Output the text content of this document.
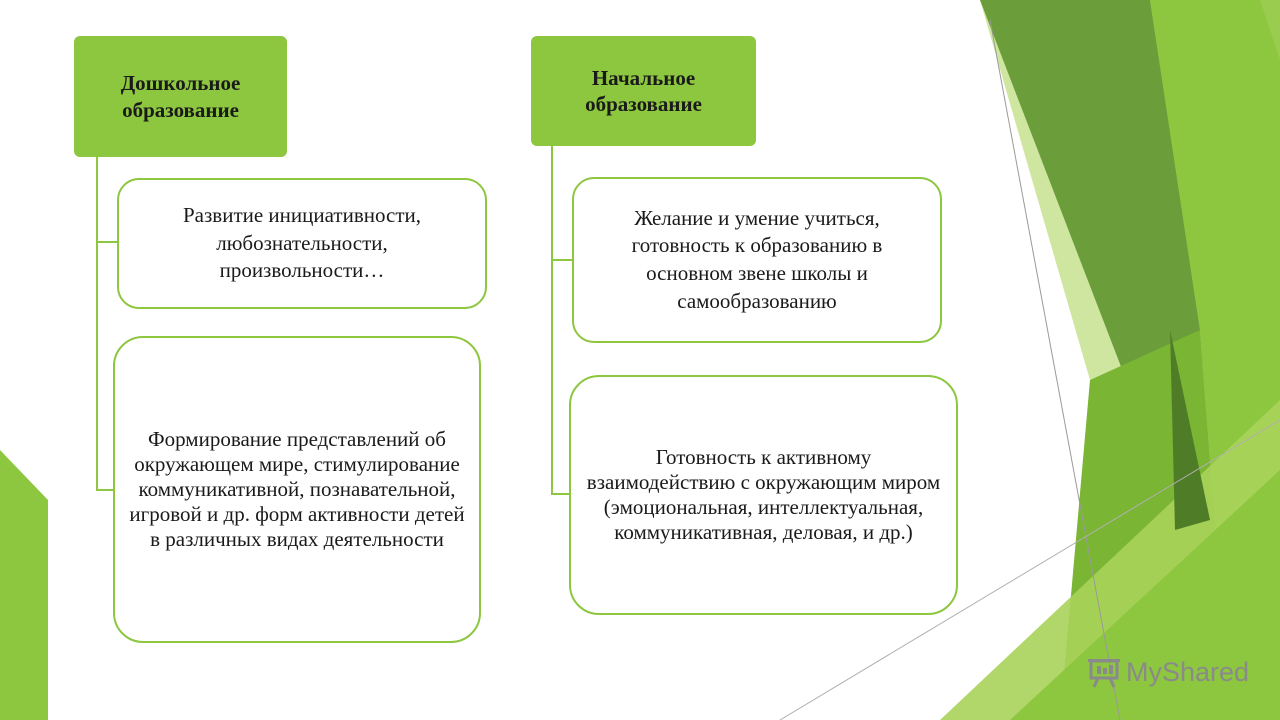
Дошкольное образование
Развитие инициативности, любознательности, произвольности…
Формирование представлений об окружающем мире, стимулирование коммуникативной, познавательной, игровой и др. форм активности детей в различных видах деятельности
Начальное образование
Желание и умение учиться, готовность к образованию в основном звене школы и самообразованию
Готовность к активному взаимодействию с окружающим миром (эмоциональная, интеллектуальная, коммуникативная, деловая, и др.)
MyShared
